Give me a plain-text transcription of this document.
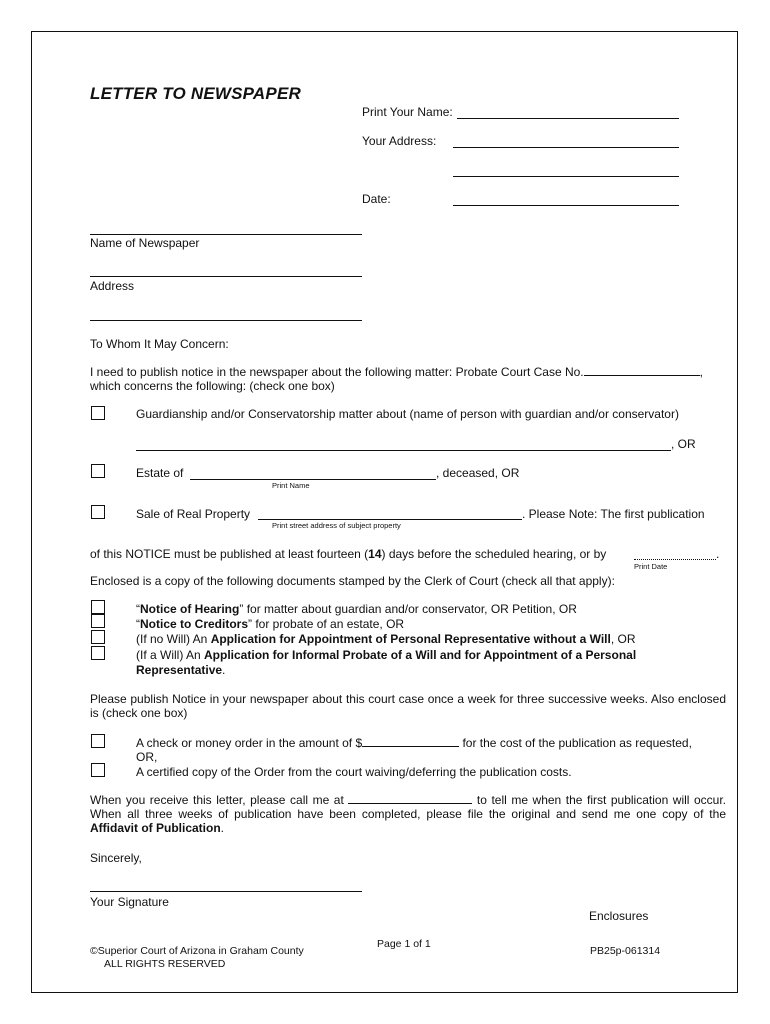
LETTER TO NEWSPAPER
Print Your Name:
Your Address:
Date:
Name of Newspaper
Address
To Whom It May Concern:
I need to publish notice in the newspaper about the following matter: Probate Court Case No.	,
which concerns the following: (check one box)
Guardianship and/or Conservatorship matter about (name of person with guardian and/or conservator)
, OR
Estate of	, deceased, OR
Print Name
Sale of Real Property	. Please Note: The first publication
Print street address of subject property
of this NOTICE must be published at least fourteen (14) days before the scheduled hearing, or by	.
Print Date
Enclosed is a copy of the following documents stamped by the Clerk of Court (check all that apply):
“Notice of Hearing” for matter about guardian and/or conservator, OR Petition, OR
“Notice to Creditors” for probate of an estate, OR
(If no Will) An Application for Appointment of Personal Representative without a Will, OR
(If a Will) An Application for Informal Probate of a Will and for Appointment of a Personal
Representative.
Please publish Notice in your newspaper about this court case once a week for three successive weeks. Also enclosed is (check one box)
A check or money order in the amount of $	for the cost of the publication as requested,
OR,
A certified copy of the Order from the court waiving/deferring the publication costs.
When you receive this letter, please call me at	to tell me when the first publication will occur. When all three weeks of publication have been completed, please file the original and send me one copy of the Affidavit of Publication.
Sincerely,
Your Signature
Enclosures
©Superior Court of Arizona in Graham County
ALL RIGHTS RESERVED
Page 1 of 1
PB25p-061314
